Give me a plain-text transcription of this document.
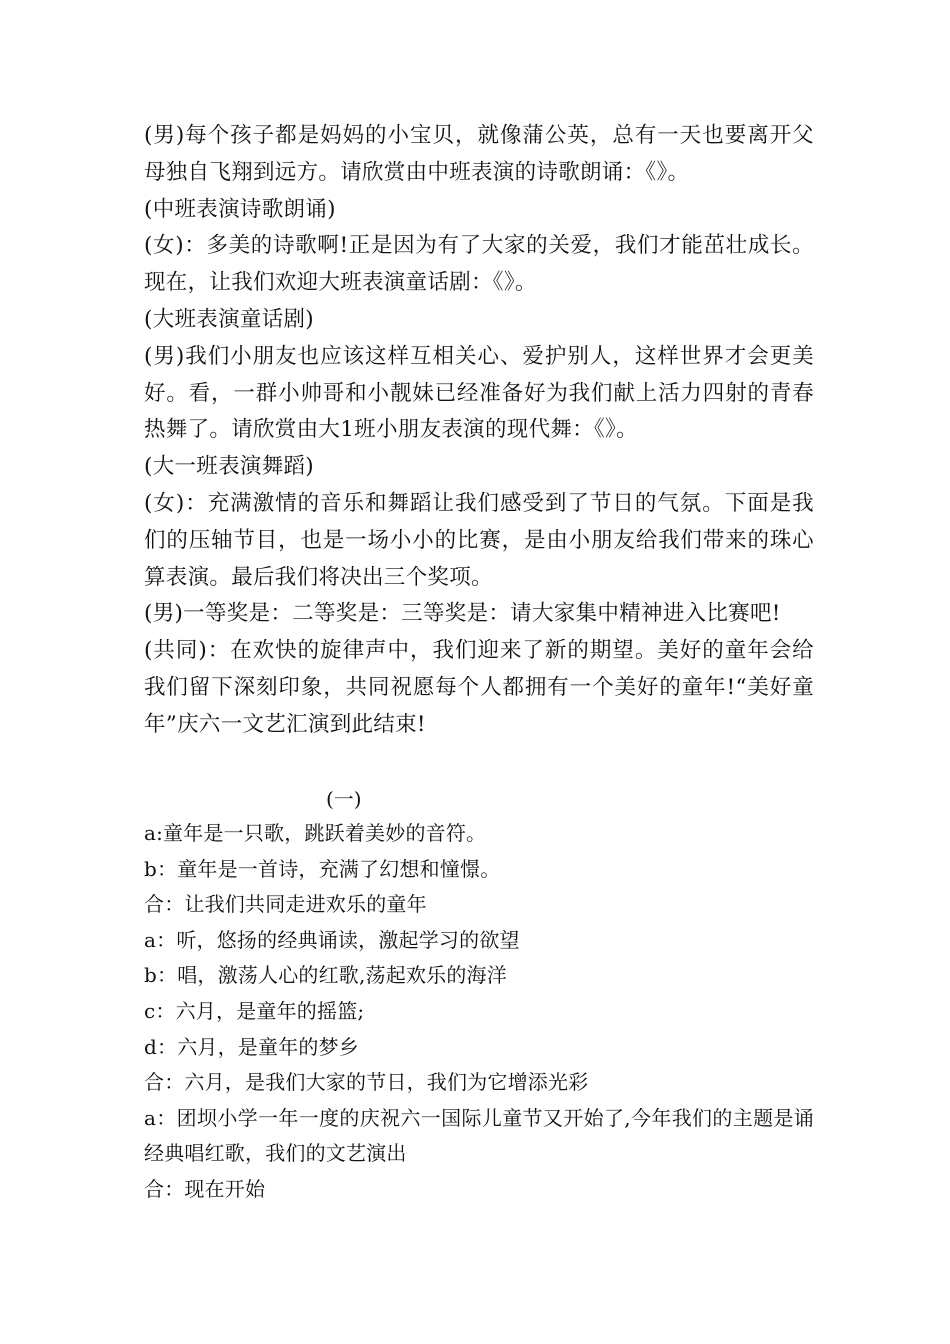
(男)每个孩子都是妈妈的小宝贝，就像蒲公英，总有一天也要离开父母独自飞翔到远方。请欣赏由中班表演的诗歌朗诵：《》。

(中班表演诗歌朗诵)

(女)：多美的诗歌啊!正是因为有了大家的关爱，我们才能茁壮成长。现在，让我们欢迎大班表演童话剧：《》。

(大班表演童话剧)

(男)我们小朋友也应该这样互相关心、爱护别人，这样世界才会更美好。看，一群小帅哥和小靓妹已经准备好为我们献上活力四射的青春热舞了。请欣赏由大1班小朋友表演的现代舞：《》。

(大一班表演舞蹈)

(女)：充满激情的音乐和舞蹈让我们感受到了节日的气氛。下面是我们的压轴节目，也是一场小小的比赛，是由小朋友给我们带来的珠心算表演。最后我们将决出三个奖项。

(男)一等奖是：二等奖是：三等奖是：请大家集中精神进入比赛吧!

(共同)：在欢快的旋律声中，我们迎来了新的期望。美好的童年会给我们留下深刻印象，共同祝愿每个人都拥有一个美好的童年!“美好童年”庆六一文艺汇演到此结束!

(一)

a:童年是一只歌，跳跃着美妙的音符。

b：童年是一首诗，充满了幻想和憧憬。

合：让我们共同走进欢乐的童年

a：听，悠扬的经典诵读，激起学习的欲望

b：唱，激荡人心的红歌,荡起欢乐的海洋

c：六月，是童年的摇篮;

d：六月，是童年的梦乡

合：六月，是我们大家的节日，我们为它增添光彩

a：团坝小学一年一度的庆祝六一国际儿童节又开始了,今年我们的主题是诵经典唱红歌，我们的文艺演出

合：现在开始
